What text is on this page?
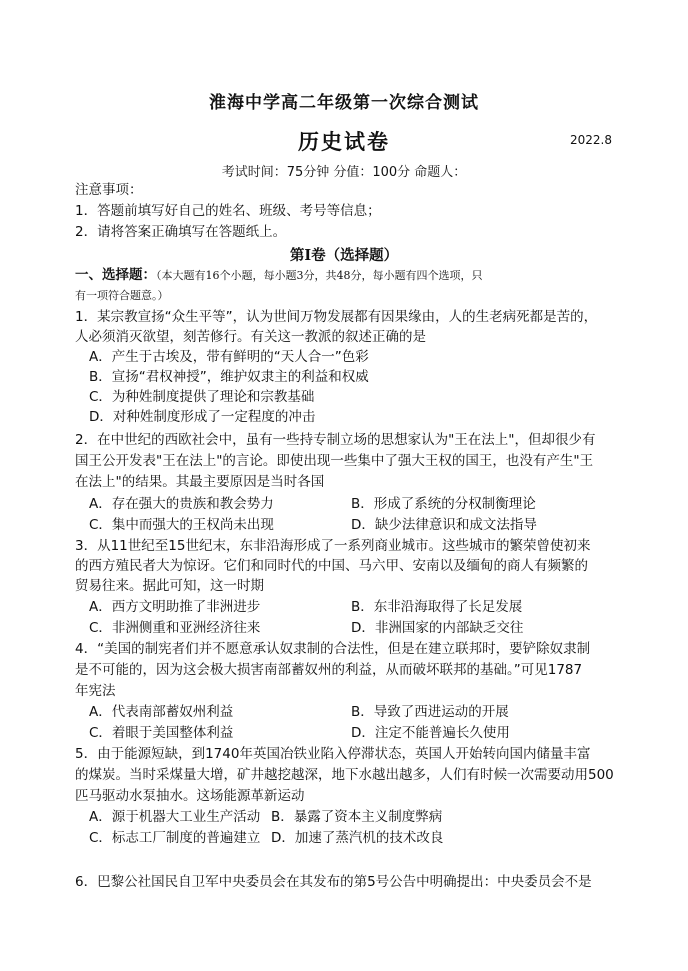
淮海中学高二年级第一次综合测试
历史试卷	2022.8
考试时间：75分钟 分值：100分 命题人：
注意事项：
1．答题前填写好自己的姓名、班级、考号等信息；
2．请将答案正确填写在答题纸上。
第Ⅰ卷（选择题）
一、选择题：（本大题有16个小题，每小题3分，共48分，每小题有四个选项，只
有一项符合题意。）
1．某宗教宣扬“众生平等”，认为世间万物发展都有因果缘由，人的生老病死都是苦的，
人必须消灭欲望，刻苦修行。有关这一教派的叙述正确的是
A．产生于古埃及，带有鲜明的“天人合一”色彩
B．宣扬“君权神授”，维护奴隶主的利益和权威
C．为种姓制度提供了理论和宗教基础
D．对种姓制度形成了一定程度的冲击
2．在中世纪的西欧社会中，虽有一些持专制立场的思想家认为"王在法上"，但却很少有
国王公开发表"王在法上"的言论。即使出现一些集中了强大王权的国王，也没有产生"王
在法上"的结果。其最主要原因是当时各国
A．存在强大的贵族和教会势力	B．形成了系统的分权制衡理论
C．集中而强大的王权尚未出现	D．缺少法律意识和成文法指导
3．从11世纪至15世纪末，东非沿海形成了一系列商业城市。这些城市的繁荣曾使初来
的西方殖民者大为惊讶。它们和同时代的中国、马六甲、安南以及缅甸的商人有频繁的
贸易往来。据此可知，这一时期
A．西方文明助推了非洲进步	B．东非沿海取得了长足发展
C．非洲侧重和亚洲经济往来	D．非洲国家的内部缺乏交往
4．“美国的制宪者们并不愿意承认奴隶制的合法性，但是在建立联邦时，要铲除奴隶制
是不可能的，因为这会极大损害南部蓄奴州的利益，从而破坏联邦的基础。”可见1787
年宪法
A．代表南部蓄奴州利益	B．导致了西进运动的开展
C．着眼于美国整体利益	D．注定不能普遍长久使用
5．由于能源短缺，到1740年英国冶铁业陷入停滞状态，英国人开始转向国内储量丰富
的煤炭。当时采煤量大增，矿井越挖越深，地下水越出越多，人们有时候一次需要动用500
匹马驱动水泵抽水。这场能源革新运动
A．源于机器大工业生产活动 B．暴露了资本主义制度弊病
C．标志工厂制度的普遍建立 D．加速了蒸汽机的技术改良
6．巴黎公社国民自卫军中央委员会在其发布的第5号公告中明确提出：中央委员会不是
